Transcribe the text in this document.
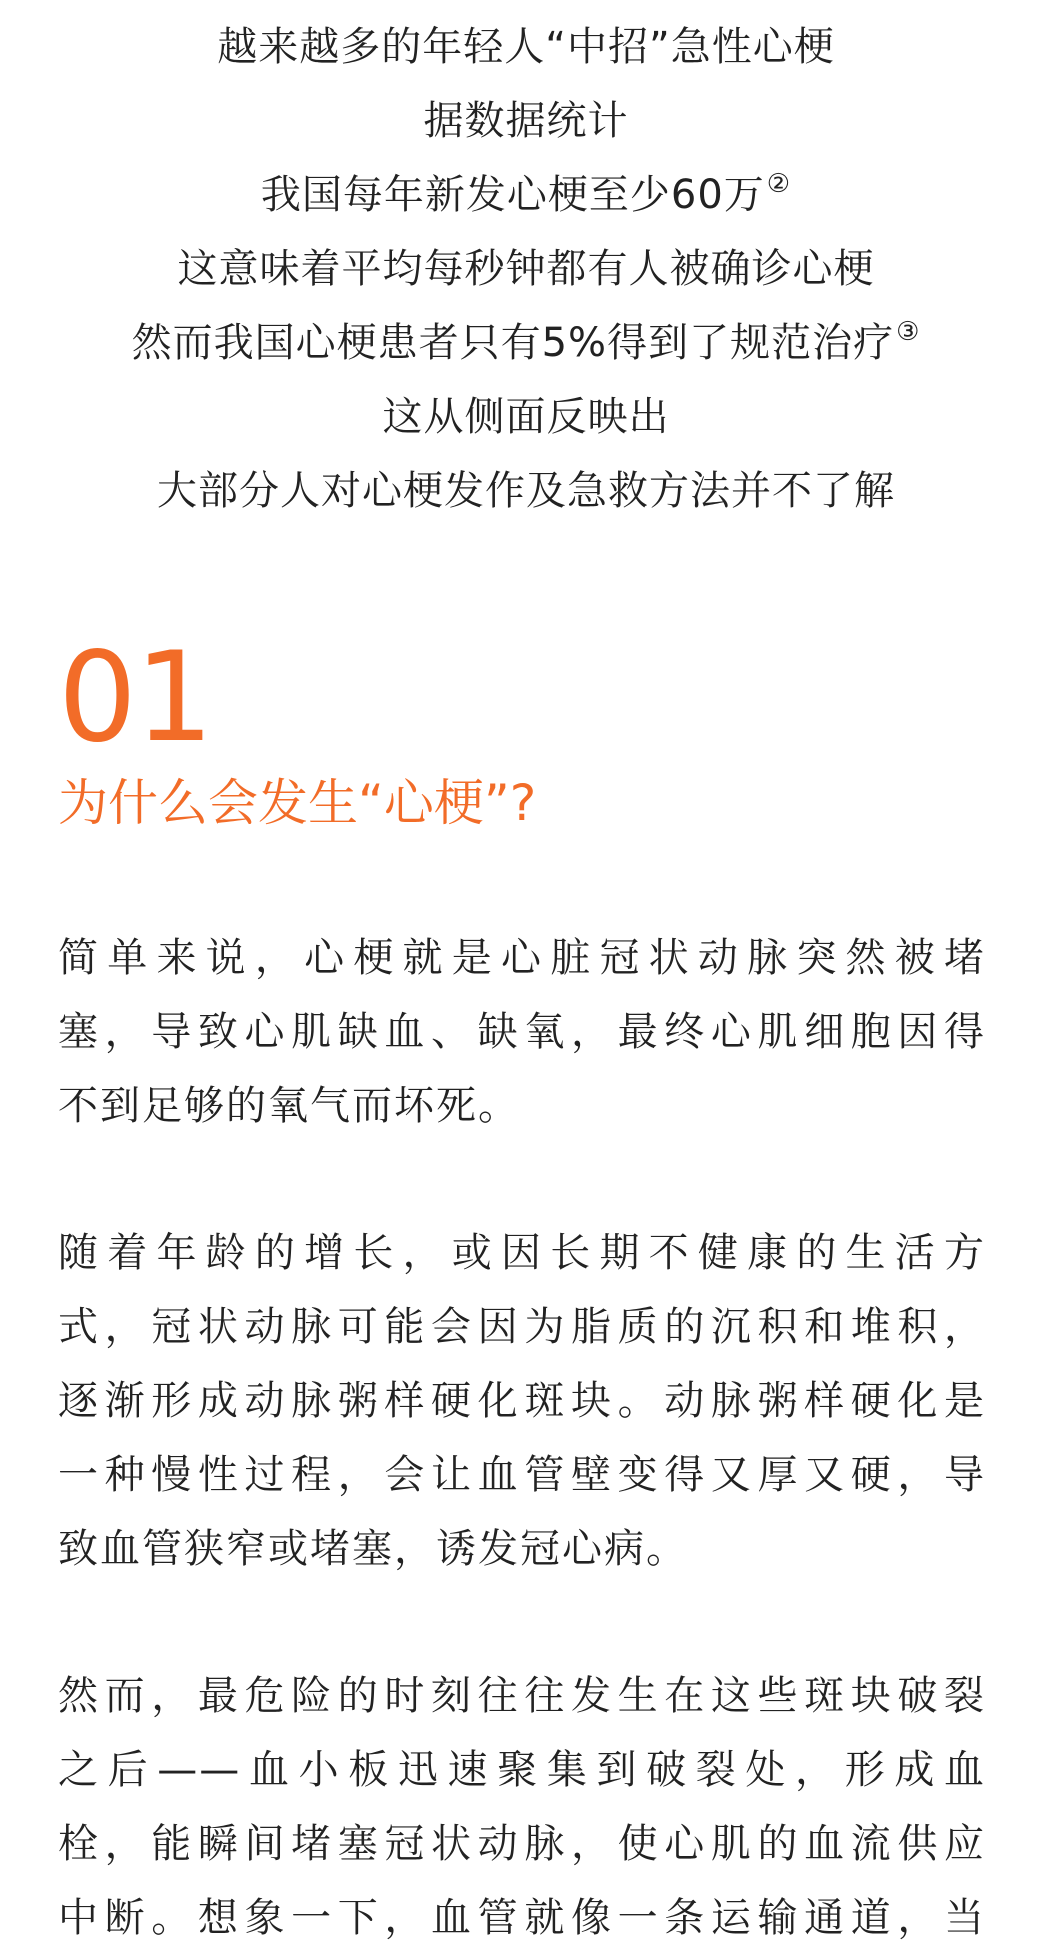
越来越多的年轻人“中招”急性心梗
据数据统计
我国每年新发心梗至少60万②
这意味着平均每秒钟都有人被确诊心梗
然而我国心梗患者只有5%得到了规范治疗③
这从侧面反映出
大部分人对心梗发作及急救方法并不了解
01
为什么会发生“心梗”?
简单来说，心梗就是心脏冠状动脉突然被堵
塞，导致心肌缺血、缺氧，最终心肌细胞因得
不到足够的氧气而坏死。
随着年龄的增长，或因长期不健康的生活方
式，冠状动脉可能会因为脂质的沉积和堆积，
逐渐形成动脉粥样硬化斑块。动脉粥样硬化是
一种慢性过程，会让血管壁变得又厚又硬，导
致血管狭窄或堵塞，诱发冠心病。
然而，最危险的时刻往往发生在这些斑块破裂
之后——血小板迅速聚集到破裂处，形成血
栓，能瞬间堵塞冠状动脉，使心肌的血流供应
中断。想象一下，血管就像一条运输通道，当
